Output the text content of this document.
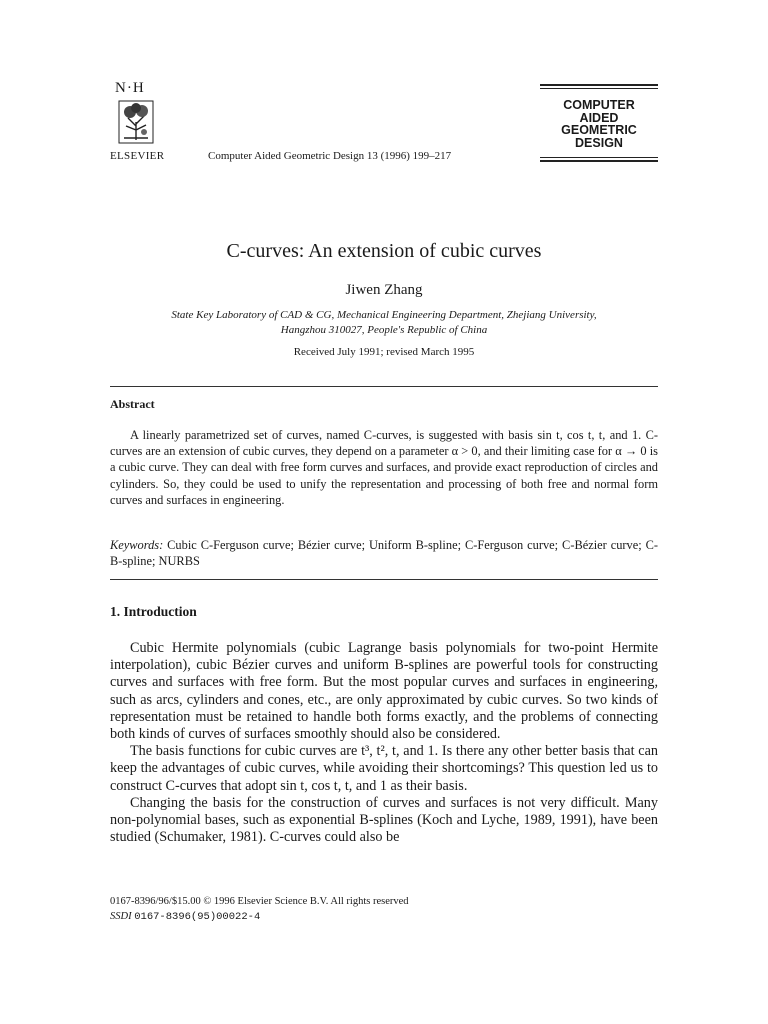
N·H
ELSEVIER	Computer Aided Geometric Design 13 (1996) 199–217
COMPUTER
AIDED
GEOMETRIC
DESIGN
C-curves: An extension of cubic curves
Jiwen Zhang
State Key Laboratory of CAD & CG, Mechanical Engineering Department, Zhejiang University,
Hangzhou 310027, People's Republic of China
Received July 1991; revised March 1995
Abstract
A linearly parametrized set of curves, named C-curves, is suggested with basis sin t, cos t, t, and 1. C-curves are an extension of cubic curves, they depend on a parameter α > 0, and their limiting case for α → 0 is a cubic curve. They can deal with free form curves and surfaces, and provide exact reproduction of circles and cylinders. So, they could be used to unify the representation and processing of both free and normal form curves and surfaces in engineering.
Keywords: Cubic C-Ferguson curve; Bézier curve; Uniform B-spline; C-Ferguson curve; C-Bézier curve; C-B-spline; NURBS
1. Introduction

Cubic Hermite polynomials (cubic Lagrange basis polynomials for two-point Hermite interpolation), cubic Bézier curves and uniform B-splines are powerful tools for constructing curves and surfaces with free form. But the most popular curves and surfaces in engineering, such as arcs, cylinders and cones, etc., are only approximated by cubic curves. So two kinds of representation must be retained to handle both forms exactly, and the problems of connecting both kinds of curves of surfaces smoothly should also be considered.

The basis functions for cubic curves are t³, t², t, and 1. Is there any other better basis that can keep the advantages of cubic curves, while avoiding their shortcomings? This question led us to construct C-curves that adopt sin t, cos t, t, and 1 as their basis.

Changing the basis for the construction of curves and surfaces is not very difficult. Many non-polynomial bases, such as exponential B-splines (Koch and Lyche, 1989, 1991), have been studied (Schumaker, 1981). C-curves could also be

0167-8396/96/$15.00 © 1996 Elsevier Science B.V. All rights reserved
SSDI 0167-8396(95)00022-4
